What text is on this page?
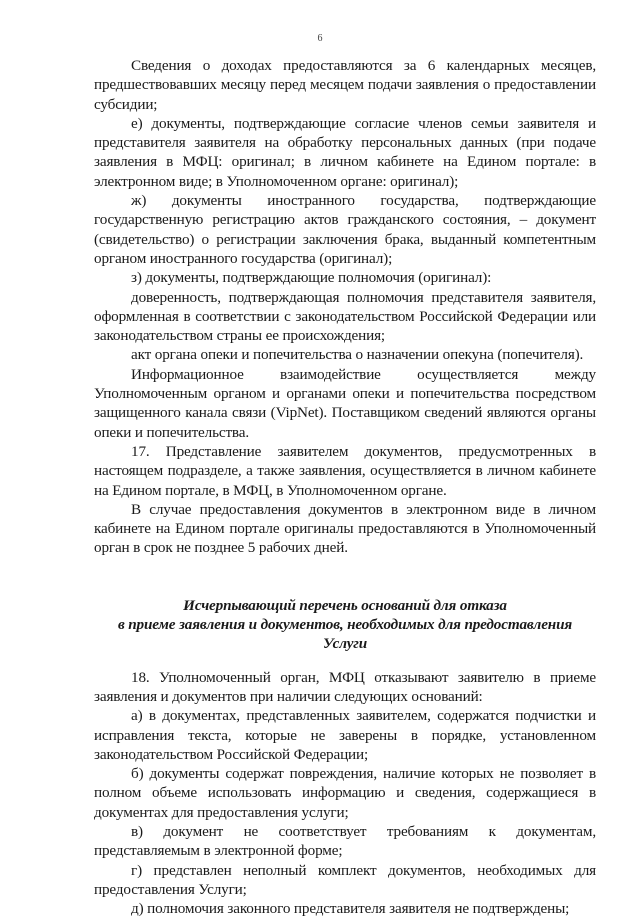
6

Сведения о доходах предоставляются за 6 календарных месяцев, предшествовавших месяцу перед месяцем подачи заявления о предоставлении субсидии;

е) документы, подтверждающие согласие членов семьи заявителя и представителя заявителя на обработку персональных данных (при подаче заявления в МФЦ: оригинал; в личном кабинете на Едином портале: в электронном виде; в Уполномоченном органе: оригинал);

ж) документы иностранного государства, подтверждающие государственную регистрацию актов гражданского состояния, – документ (свидетельство) о регистрации заключения брака, выданный компетентным органом иностранного государства (оригинал);

з) документы, подтверждающие полномочия (оригинал):

доверенность, подтверждающая полномочия представителя заявителя, оформленная в соответствии с законодательством Российской Федерации или законодательством страны ее происхождения;

акт органа опеки и попечительства о назначении опекуна (попечителя).

Информационное взаимодействие осуществляется между Уполномоченным органом и органами опеки и попечительства посредством защищенного канала связи (VipNet). Поставщиком сведений являются органы опеки и попечительства.

17. Представление заявителем документов, предусмотренных в настоящем подразделе, а также заявления, осуществляется в личном кабинете на Едином портале, в МФЦ, в Уполномоченном органе.

В случае предоставления документов в электронном виде в личном кабинете на Едином портале оригиналы предоставляются в Уполномоченный орган в срок не позднее 5 рабочих дней.

Исчерпывающий перечень оснований для отказа

в приеме заявления и документов, необходимых для предоставления

Услуги

18. Уполномоченный орган, МФЦ отказывают заявителю в приеме заявления и документов при наличии следующих оснований:

а) в документах, представленных заявителем, содержатся подчистки и исправления текста, которые не заверены в порядке, установленном законодательством Российской Федерации;

б) документы содержат повреждения, наличие которых не позволяет в полном объеме использовать информацию и сведения, содержащиеся в документах для предоставления услуги;

в) документ не соответствует требованиям к документам, представляемым в электронной форме;

г) представлен неполный комплект документов, необходимых для предоставления Услуги;

д) полномочия законного представителя заявителя не подтверждены;
